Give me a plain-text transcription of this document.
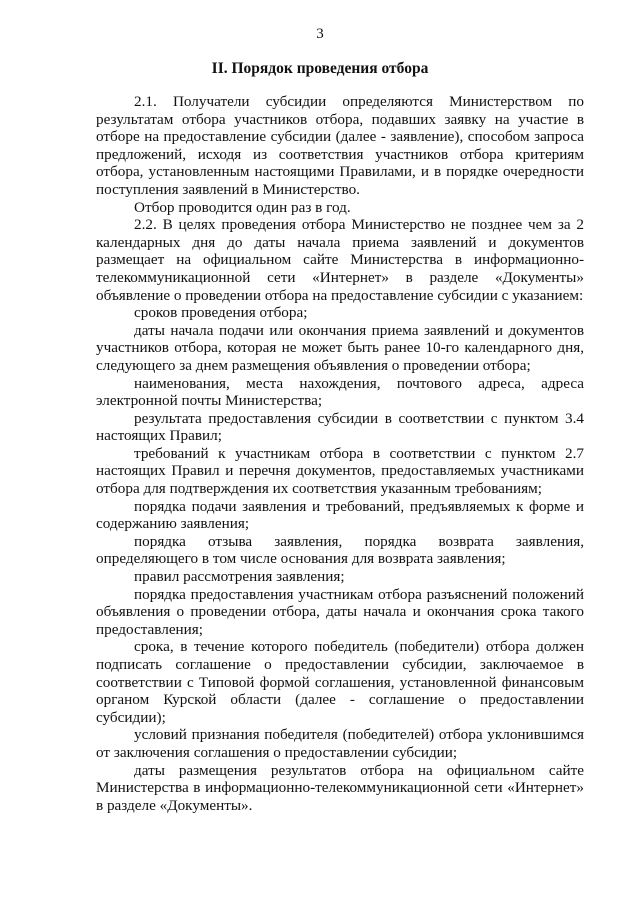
3
II. Порядок проведения отбора

2.1. Получатели субсидии определяются Министерством по результатам отбора участников отбора, подавших заявку на участие в отборе на предоставление субсидии (далее - заявление), способом запроса предложений, исходя из соответствия участников отбора критериям отбора, установленным настоящими Правилами, и в порядке очередности поступления заявлений в Министерство.

Отбор проводится один раз в год.

2.2. В целях проведения отбора Министерство не позднее чем за 2 календарных дня до даты начала приема заявлений и документов размещает на официальном сайте Министерства в информационно-телекоммуникационной сети «Интернет» в разделе «Документы» объявление о проведении отбора на предоставление субсидии с указанием:

сроков проведения отбора;

даты начала подачи или окончания приема заявлений и документов участников отбора, которая не может быть ранее 10-го календарного дня, следующего за днем размещения объявления о проведении отбора;

наименования, места нахождения, почтового адреса, адреса электронной почты Министерства;

результата предоставления субсидии в соответствии с пунктом 3.4 настоящих Правил;

требований к участникам отбора в соответствии с пунктом 2.7 настоящих Правил и перечня документов, предоставляемых участниками отбора для подтверждения их соответствия указанным требованиям;

порядка подачи заявления и требований, предъявляемых к форме и содержанию заявления;

порядка отзыва заявления, порядка возврата заявления, определяющего в том числе основания для возврата заявления;

правил рассмотрения заявления;

порядка предоставления участникам отбора разъяснений положений объявления о проведении отбора, даты начала и окончания срока такого предоставления;

срока, в течение которого победитель (победители) отбора должен подписать соглашение о предоставлении субсидии, заключаемое в соответствии с Типовой формой соглашения, установленной финансовым органом Курской области (далее - соглашение о предоставлении субсидии);

условий признания победителя (победителей) отбора уклонившимся от заключения соглашения о предоставлении субсидии;

даты размещения результатов отбора на официальном сайте Министерства в информационно-телекоммуникационной сети «Интернет» в разделе «Документы».
